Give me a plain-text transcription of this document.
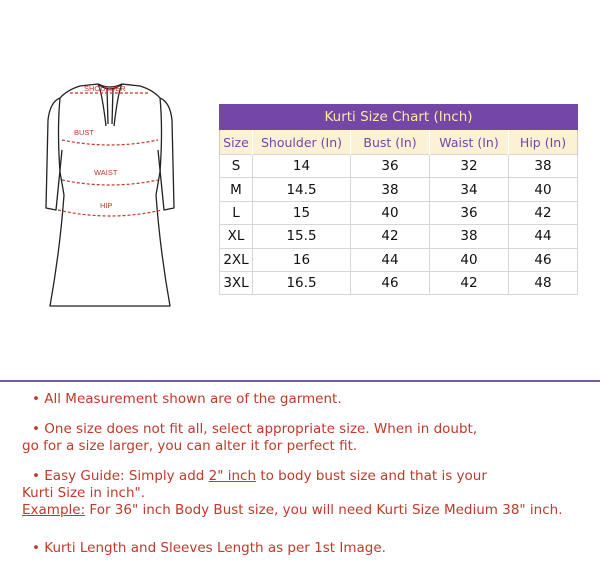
SHOULDER
BUST
WAIST
HIP
Kurti Size Chart (Inch)				
Size	Shoulder (In)	Bust (In)	Waist (In)	Hip (In)
S	14	36	32	38
M	14.5	38	34	40
L	15	40	36	42
XL	15.5	42	38	44
2XL	16	44	40	46
3XL	16.5	46	42	48

• All Measurement shown are of the garment.

• One size does not fit all, select appropriate size. When in doubt,
go for a size larger, you can alter it for perfect fit.

• Easy Guide: Simply add 2" inch to body bust size and that is your
Kurti Size in inch".
Example: For 36" inch Body Bust size, you will need Kurti Size Medium 38" inch.

• Kurti Length and Sleeves Length as per 1st Image.
